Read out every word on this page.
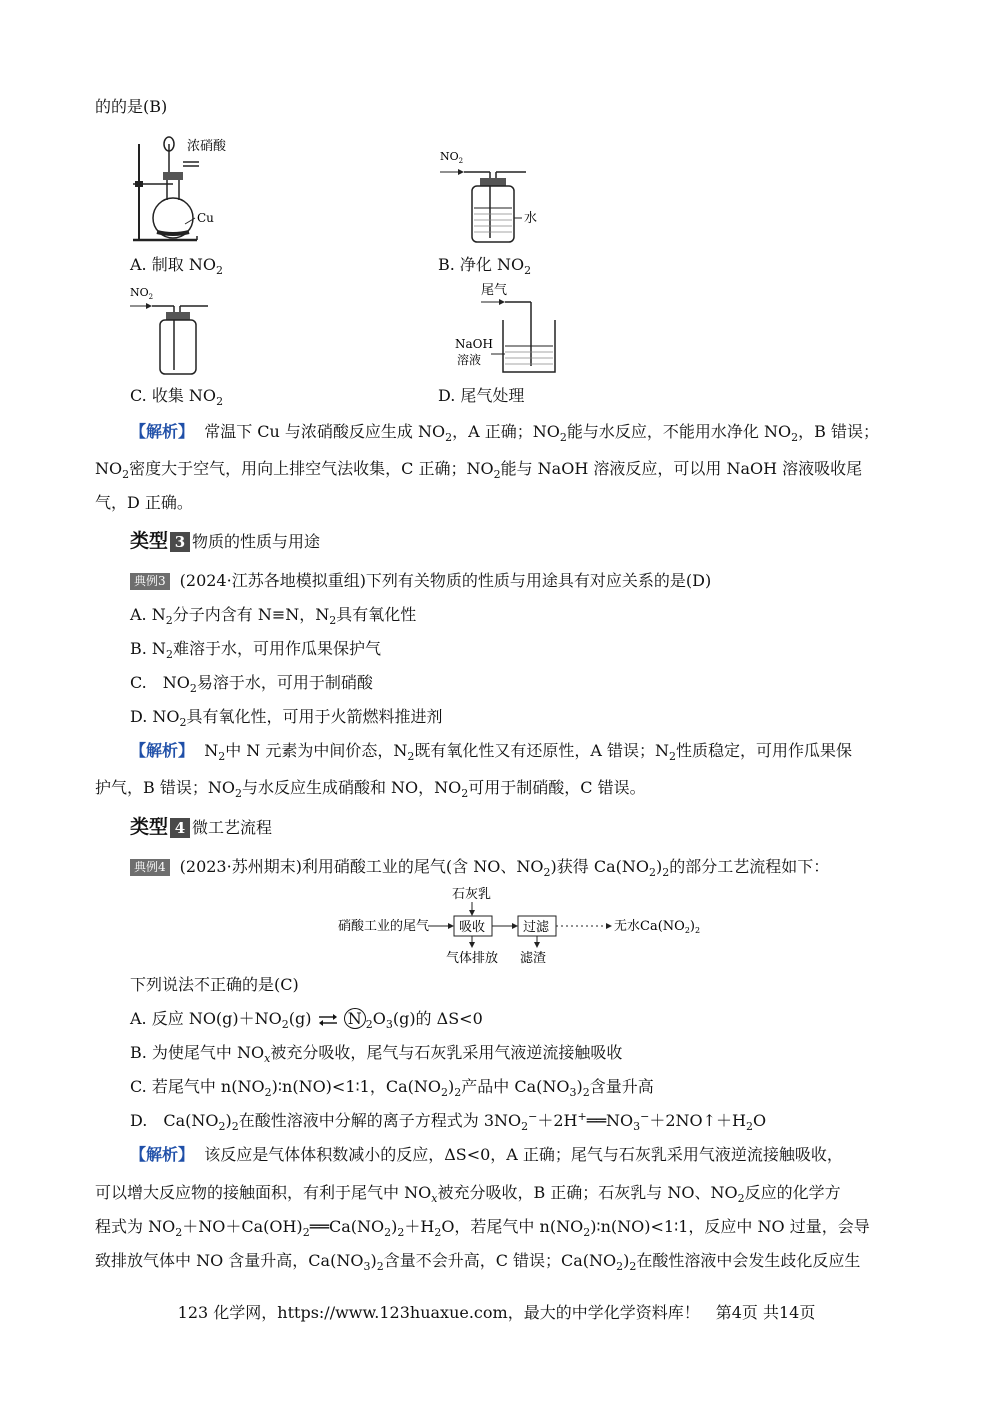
的的是(B)
浓硝酸
Cu
$NO_2$
水
A. 制取 $NO_2$	B. 净化 $NO_2$
$NO_2$	尾气
NaOH
溶液
C. 收集 $NO_2$	D. 尾气处理
【解析】 常温下 Cu 与浓硝酸反应生成 $NO_2$，A 正确；$NO_2$能与水反应，不能用水净化 $NO_2$，B 错误；
$NO_2$密度大于空气，用向上排空气法收集，C 正确；$NO_2$能与 NaOH 溶液反应，可以用 NaOH 溶液吸收尾
气，D 正确。
类型 3 物质的性质与用途
典例3 (2024·江苏各地模拟重组)下列有关物质的性质与用途具有对应关系的是(D)
A. $N_2$分子内含有 N≡N，$N_2$具有氧化性
B. $N_2$难溶于水，可用作瓜果保护气
C.　$NO_2$易溶于水，可用于制硝酸
D. $NO_2$具有氧化性，可用于火箭燃料推进剂
【解析】 $N_2$中 N 元素为中间价态，$N_2$既有氧化性又有还原性，A 错误；$N_2$性质稳定，可用作瓜果保
护气，B 错误；$NO_2$与水反应生成硝酸和 NO，$NO_2$可用于制硝酸，C 错误。
类型 4 微工艺流程
典例4 (2023·苏州期末)利用硝酸工业的尾气(含 NO、$NO_2$)获得 $Ca(NO_2)_2$的部分工艺流程如下：
石灰乳
硝酸工业的尾气 吸收	过滤	无水$Ca(NO_2)_2$
气体排放 滤渣
下列说法不正确的是(C)
A. 反应 $NO(g)+NO_2(g)$ ⇌ N $_2O_3(g)$的 ΔS<0
B. 为使尾气中 $NO_x$被充分吸收，尾气与石灰乳采用气液逆流接触吸收
C. 若尾气中 $n(NO_2)∶n(NO)<1∶1$，$Ca(NO_2)_2$产品中 $Ca(NO_3)_2$含量升高
D.　$Ca(NO_2)_2$在酸性溶液中分解的离子方程式为 $3NO_2^-+2H^+══NO_3^-+2NO↑+H_2O$
【解析】 该反应是气体体积数减小的反应，ΔS<0，A 正确；尾气与石灰乳采用气液逆流接触吸收，
可以增大反应物的接触面积，有利于尾气中 $NO_x$被充分吸收，B 正确；石灰乳与 NO、$NO_2$反应的化学方
程式为 $NO_2+NO+Ca(OH)_2══Ca(NO_2)_2+H_2O$，若尾气中 $n(NO_2)∶n(NO)<1∶1$，反应中 NO 过量，会导
致排放气体中 NO 含量升高，$Ca(NO_3)_2$含量不会升高，C 错误；$Ca(NO_2)_2$在酸性溶液中会发生歧化反应生
123 化学网，https://www.123huaxue.com，最大的中学化学资料库！　第4页 共14页
